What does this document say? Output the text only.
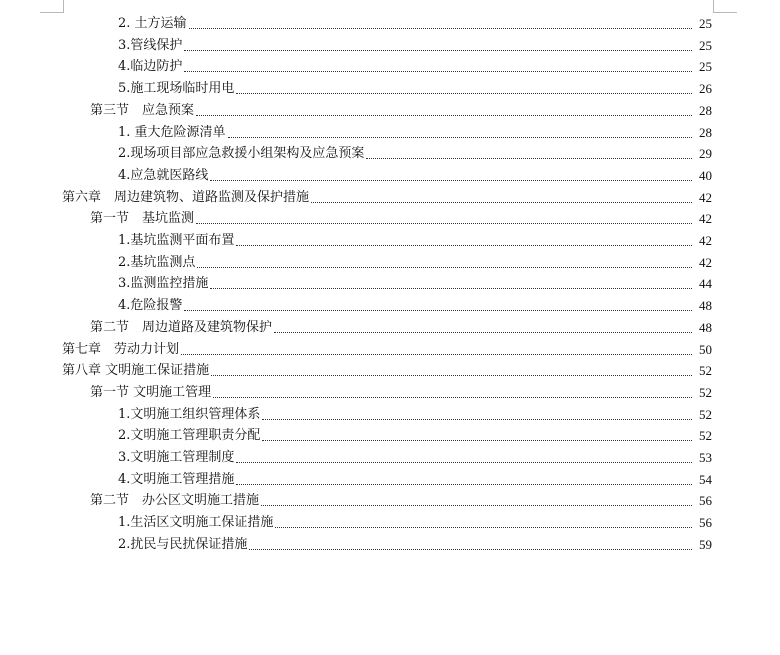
2. 土方运输	25
3.管线保护	25
4.临边防护	25
5.施工现场临时用电	26
第三节　应急预案	28
1. 重大危险源清单	28
2.现场项目部应急救援小组架构及应急预案	29
4.应急就医路线	40
第六章　周边建筑物、道路监测及保护措施	42
第一节　基坑监测	42
1.基坑监测平面布置	42
2.基坑监测点	42
3.监测监控措施	44
4.危险报警	48
第二节　周边道路及建筑物保护	48
第七章　劳动力计划	50
第八章 文明施工保证措施	52
第一节 文明施工管理	52
1.文明施工组织管理体系	52
2.文明施工管理职责分配	52
3.文明施工管理制度	53
4.文明施工管理措施	54
第二节　办公区文明施工措施	56
1.生活区文明施工保证措施	56
2.扰民与民扰保证措施	59
